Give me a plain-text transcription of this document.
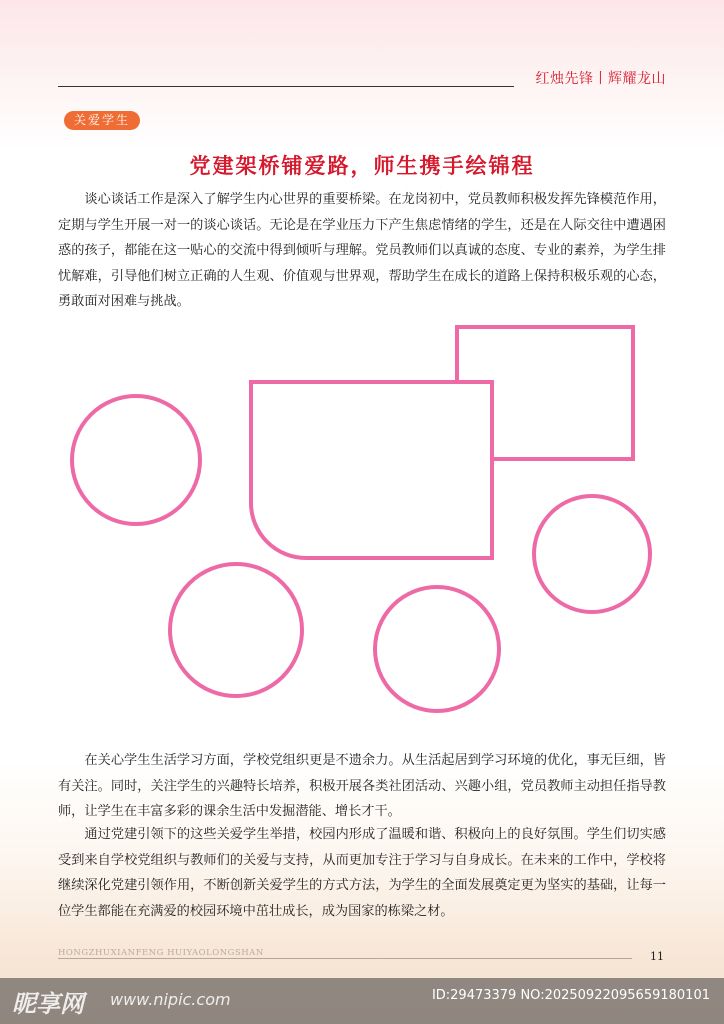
红烛先锋丨辉耀龙山
关爱学生
党建架桥铺爱路，师生携手绘锦程

谈心谈话工作是深入了解学生内心世界的重要桥梁。在龙岗初中，党员教师积极发挥先锋模范作用，定期与学生开展一对一的谈心谈话。无论是在学业压力下产生焦虑情绪的学生，还是在人际交往中遭遇困惑的孩子，都能在这一贴心的交流中得到倾听与理解。党员教师们以真诚的态度、专业的素养，为学生排忧解难，引导他们树立正确的人生观、价值观与世界观，帮助学生在成长的道路上保持积极乐观的心态，勇敢面对困难与挑战。

在关心学生生活学习方面，学校党组织更是不遗余力。从生活起居到学习环境的优化，事无巨细，皆有关注。同时，关注学生的兴趣特长培养，积极开展各类社团活动、兴趣小组，党员教师主动担任指导教师，让学生在丰富多彩的课余生活中发掘潜能、增长才干。

通过党建引领下的这些关爱学生举措，校园内形成了温暖和谐、积极向上的良好氛围。学生们切实感受到来自学校党组织与教师们的关爱与支持，从而更加专注于学习与自身成长。在未来的工作中，学校将继续深化党建引领作用，不断创新关爱学生的方式方法，为学生的全面发展奠定更为坚实的基础，让每一位学生都能在充满爱的校园环境中茁壮成长，成为国家的栋梁之材。

HONGZHUXIANFENG HUIYAOLONGSHAN	11
昵享网 www.nipic.com	ID:29473379 NO:20250922095659180101
